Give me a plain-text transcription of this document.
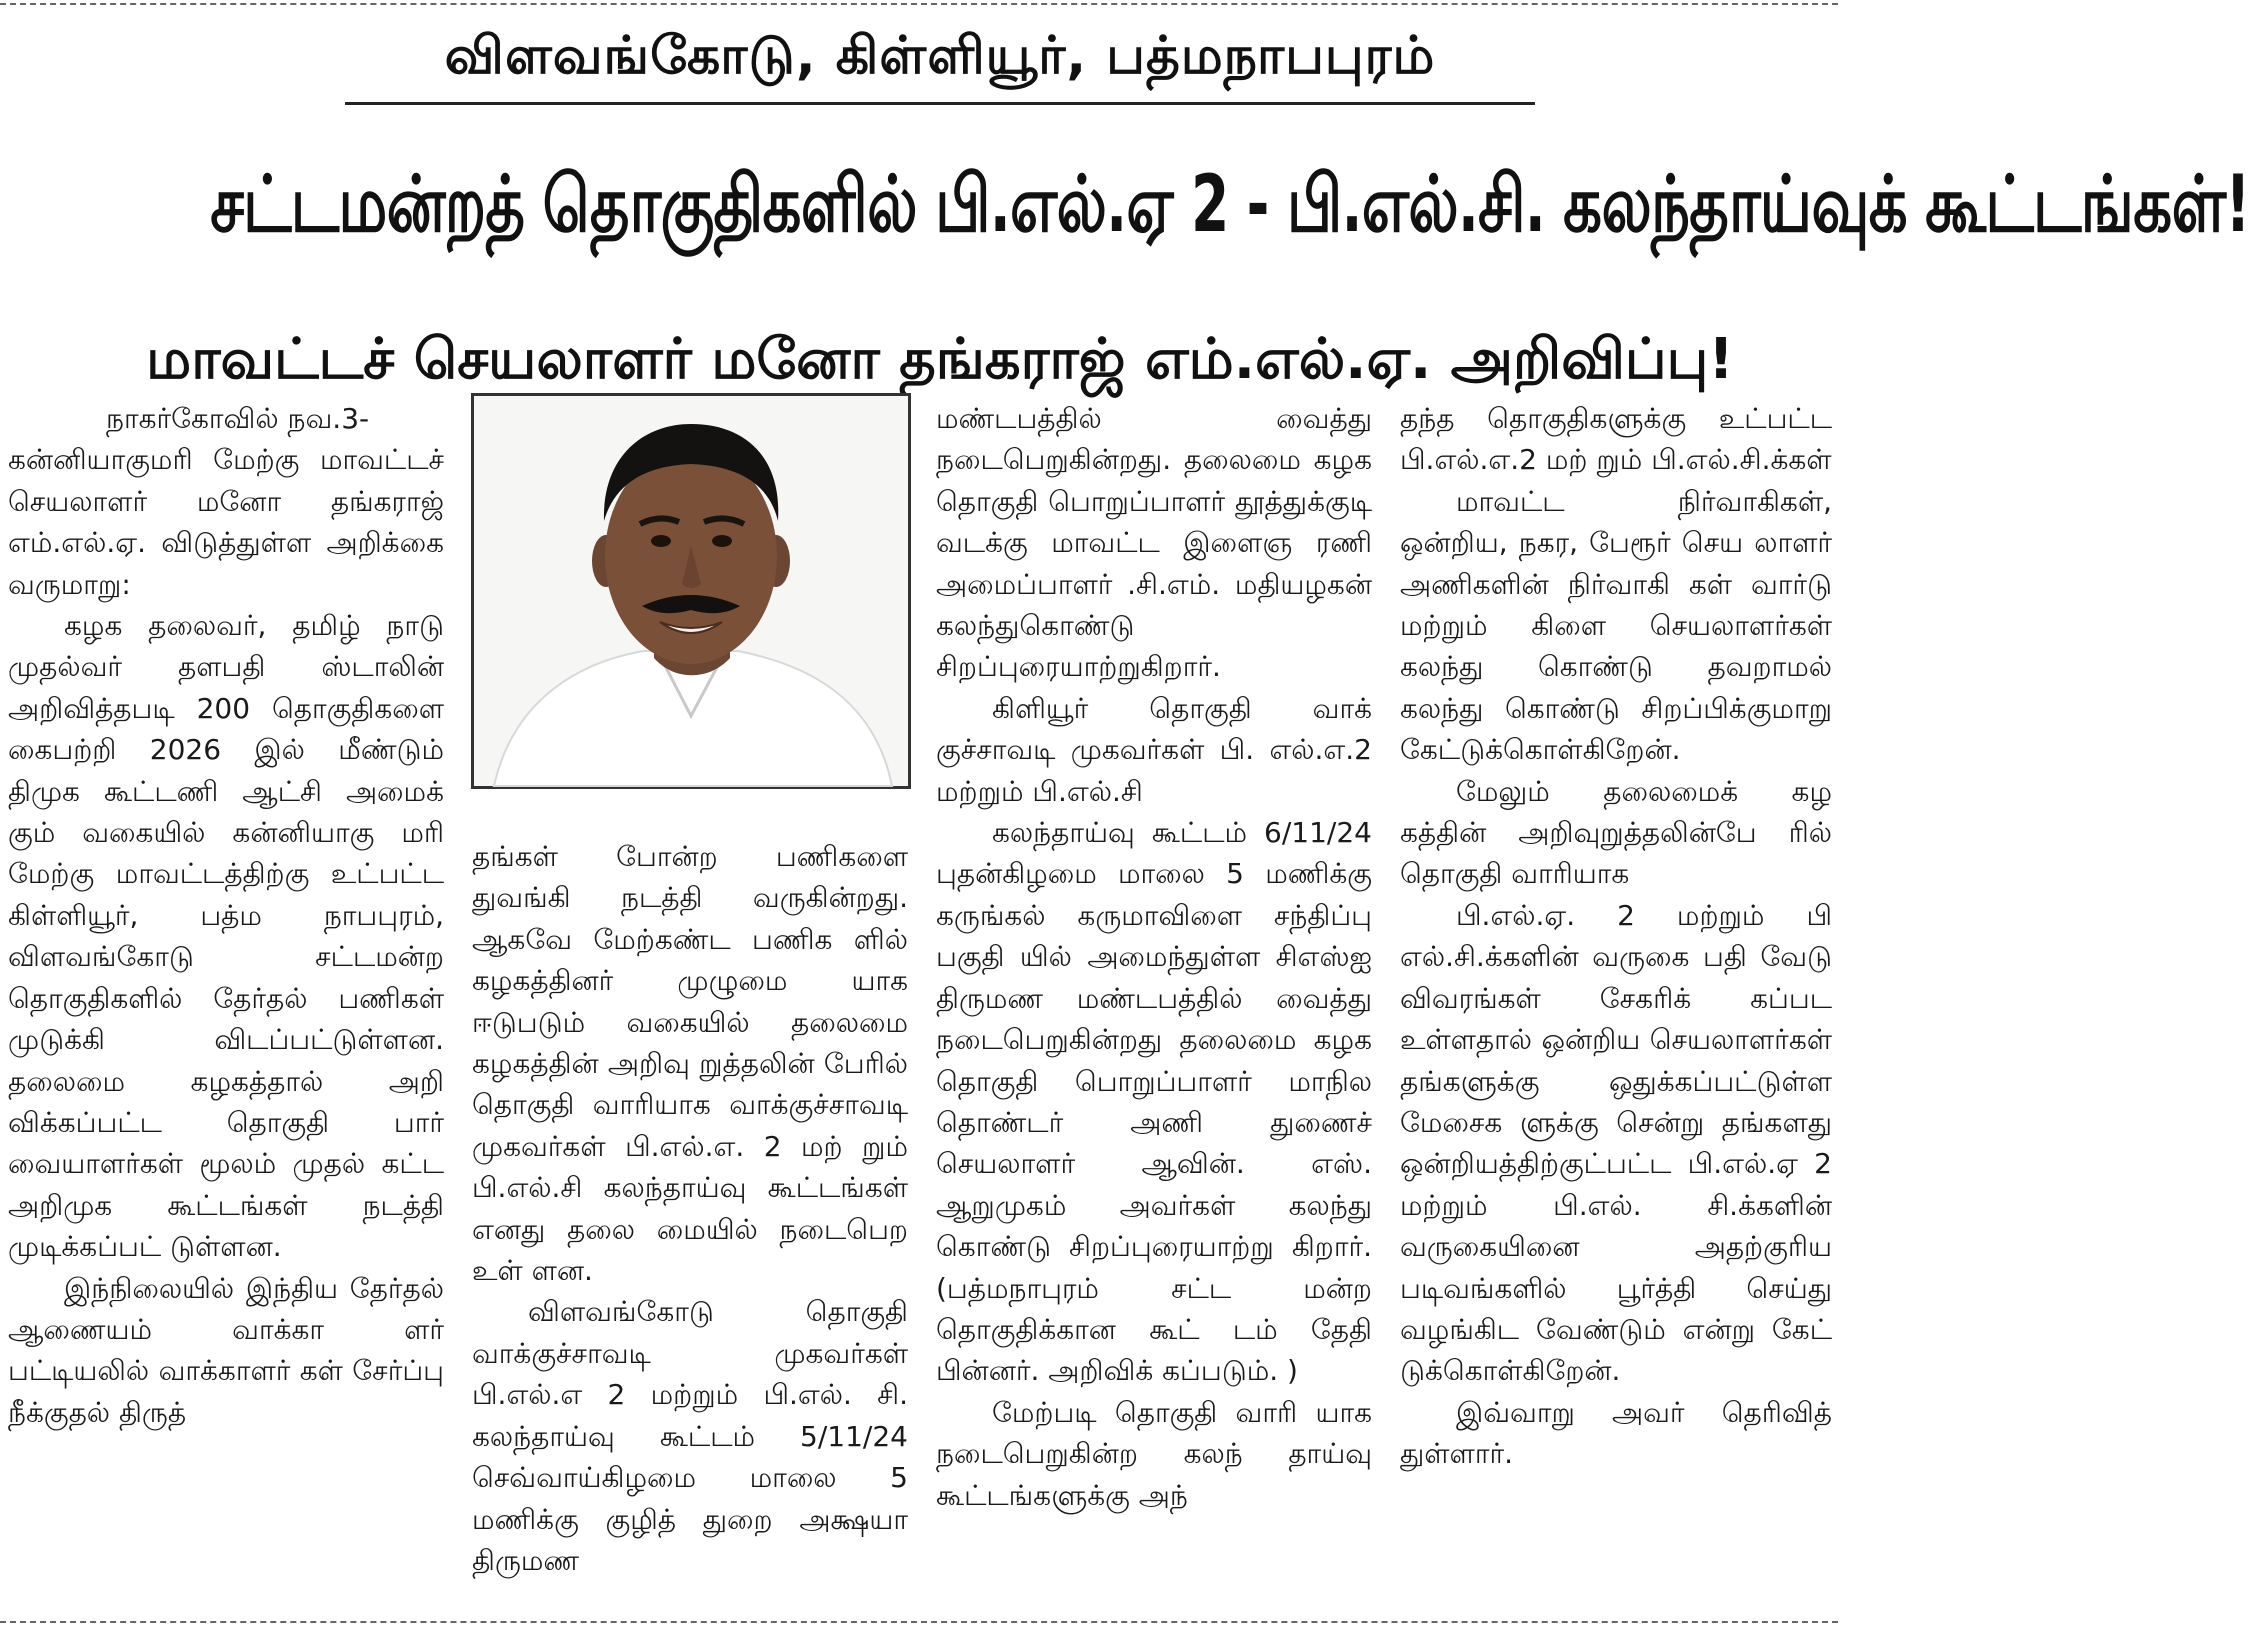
விளவங்கோடு, கிள்ளியூர், பத்மநாபபுரம்
சட்டமன்றத் தொகுதிகளில் பி.எல்.ஏ 2 - பி.எல்.சி. கலந்தாய்வுக் கூட்டங்கள்!
மாவட்டச் செயலாளர் மனோ தங்கராஜ் எம்.எல்.ஏ. அறிவிப்பு!

நாகர்கோவில் நவ.3-

கன்னியாகுமரி மேற்கு மாவட்டச் செயலாளர் மனோ தங்கராஜ் எம்.எல்.ஏ. விடுத்துள்ள அறிக்கை வருமாறு:

கழக தலைவர், தமிழ் நாடு முதல்வர் தளபதி ஸ்டாலின் அறிவித்தபடி 200 தொகுதிகளை கைபற்றி 2026 இல் மீண்டும் திமுக கூட்டணி ஆட்சி அமைக் கும் வகையில் கன்னியாகு மரி மேற்கு மாவட்டத்திற்கு உட்பட்ட கிள்ளியூர், பத்ம நாபபுரம், விளவங்கோடு சட்டமன்ற தொகுதிகளில் தேர்தல் பணிகள் முடுக்கி விடப்பட்டுள்ளன. தலைமை கழகத்தால் அறி விக்கப்பட்ட தொகுதி பார் வையாளர்கள் மூலம் முதல் கட்ட அறிமுக கூட்டங்கள் நடத்தி முடிக்கப்பட் டுள்ளன.

இந்நிலையில் இந்திய தேர்தல் ஆணையம் வாக்கா ளர் பட்டியலில் வாக்காளர் கள் சேர்ப்பு நீக்குதல் திருத்

தங்கள் போன்ற பணிகளை துவங்கி நடத்தி வருகின்றது. ஆகவே மேற்கண்ட பணிக ளில் கழகத்தினர் முழுமை யாக ஈடுபடும் வகையில் தலைமை கழகத்தின் அறிவு றுத்தலின் பேரில் தொகுதி வாரியாக வாக்குச்சாவடி முகவர்கள் பி.எல்.எ. 2 மற் றும் பி.எல்.சி கலந்தாய்வு கூட்டங்கள் எனது தலை மையில் நடைபெற உள் ளன.

விளவங்கோடு தொகுதி வாக்குச்சாவடி முகவர்கள் பி.எல்.எ 2 மற்றும் பி.எல். சி. கலந்தாய்வு கூட்டம் 5/11/24 செவ்வாய்கிழமை மாலை 5 மணிக்கு குழித் துறை அக்ஷயா திருமண

மண்டபத்தில் வைத்து நடைபெறுகின்றது. தலைமை கழக தொகுதி பொறுப்பாளர் தூத்துக்குடி வடக்கு மாவட்ட இளைஞ ரணி அமைப்பாளர் .சி.எம். மதியழகன் கலந்துகொண்டு சிறப்புரையாற்றுகிறார்.

கிளியூர் தொகுதி வாக் குச்சாவடி முகவர்கள் பி. எல்.எ.2 மற்றும் பி.எல்.சி

கலந்தாய்வு கூட்டம் 6/11/24 புதன்கிழமை மாலை 5 மணிக்கு கருங்கல் கருமாவிளை சந்திப்பு பகுதி யில் அமைந்துள்ள சிஎஸ்ஐ திருமண மண்டபத்தில் வைத்து நடைபெறுகின்றது தலைமை கழக தொகுதி பொறுப்பாளர் மாநில தொண்டர் அணி துணைச் செயலாளர் ஆவின். எஸ். ஆறுமுகம் அவர்கள் கலந்து கொண்டு சிறப்புரையாற்று கிறார். (பத்மநாபுரம் சட்ட மன்ற தொகுதிக்கான கூட் டம் தேதி பின்னர். அறிவிக் கப்படும். )

மேற்படி தொகுதி வாரி யாக நடைபெறுகின்ற கலந் தாய்வு கூட்டங்களுக்கு அந்

தந்த தொகுதிகளுக்கு உட்பட்ட பி.எல்.எ.2 மற் றும் பி.எல்.சி.க்கள்

மாவட்ட நிர்வாகிகள், ஒன்றிய, நகர, பேரூர் செய லாளர் அணிகளின் நிர்வாகி கள் வார்டு மற்றும் கிளை செயலாளர்கள் கலந்து கொண்டு தவறாமல் கலந்து கொண்டு சிறப்பிக்குமாறு கேட்டுக்கொள்கிறேன்.

மேலும் தலைமைக் கழ கத்தின் அறிவுறுத்தலின்பே ரில் தொகுதி வாரியாக

பி.எல்.ஏ. 2 மற்றும் பி எல்.சி.க்களின் வருகை பதி வேடு விவரங்கள் சேகரிக் கப்பட உள்ளதால் ஒன்றிய செயலாளர்கள் தங்களுக்கு ஒதுக்கப்பட்டுள்ள மேசைக ளுக்கு சென்று தங்களது ஒன்றியத்திற்குட்பட்ட பி.எல்.ஏ 2 மற்றும் பி.எல். சி.க்களின் வருகையினை அதற்குரிய படிவங்களில் பூர்த்தி செய்து வழங்கிட வேண்டும் என்று கேட் டுக்கொள்கிறேன்.

இவ்வாறு அவர் தெரிவித் துள்ளார்.
